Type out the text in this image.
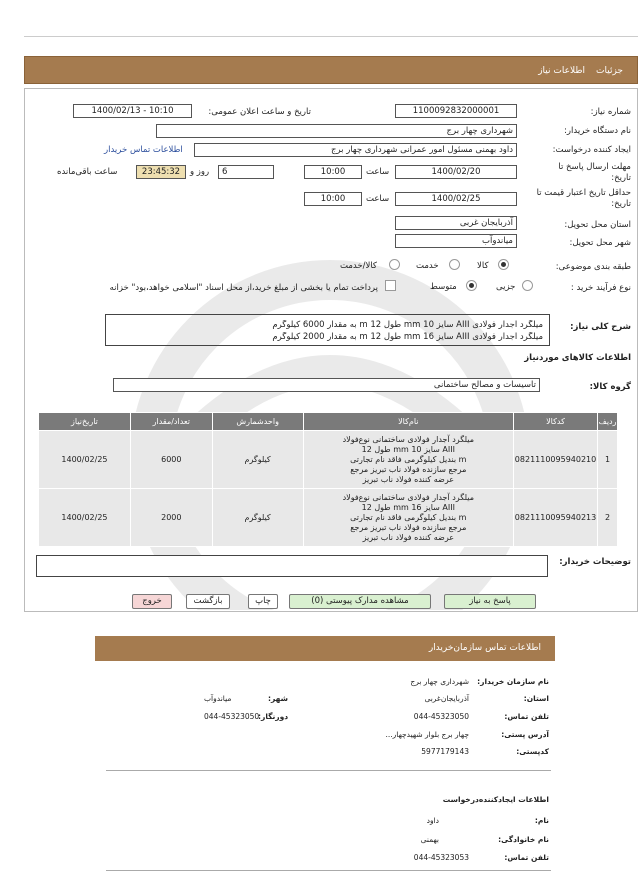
جزئیات
اطلاعات نیاز
شماره نیاز:
1100092832000001
تاریخ و ساعت اعلان عمومی:
1400/02/13 - 10:10
نام دستگاه خریدار:
شهرداری چهار برج
ایجاد کننده درخواست:
داود بهمنی مسئول امور عمرانی شهرداری چهار برج
اطلاعات تماس خریدار
مهلت ارسال پاسخ تا تاریخ:
1400/02/20
ساعت
10:00
6
روز و
23:45:32
ساعت باقی‌مانده
حداقل تاریخ اعتبار قیمت تا تاریخ:
1400/02/25
ساعت
10:00
استان محل تحویل:
آذربایجان غربی
شهر محل تحویل:
میاندوآب
طبقه بندی موضوعی:
کالا
خدمت
کالا/خدمت
نوع فرآیند خرید :
جزیی
متوسط
پرداخت تمام یا بخشی از مبلغ خرید،از محل اسناد "اسلامی خواهد،بود" خزانه
شرح کلی نیاز:
میلگرد آجدار فولادی AIII سایز 10 mm طول 12 m به مقدار 6000 کیلوگرم
میلگرد آجدار فولادی AIII سایز 16 mm طول 12 m به مقدار 2000 کیلوگرم
اطلاعات کالاهای موردنیاز
گروه کالا:
تاسیسات و مصالح ساختمانی
ردیف	کدکالا	نام‌کالا	واحدشمارش	تعداد/مقدار	تاریخ‌نیاز
1	0821110095940210	میلگرد آجدار فولادی ساختمانی نوع‌فولاد
AIII سایز 10 mm طول 12
m بندیل کیلوگرمی فاقد نام تجارتی
مرجع سازنده فولاد ناب تبریز مرجع
عرضه کننده فولاد ناب تبریز	کیلوگرم	6000	1400/02/25
2	0821110095940213	میلگرد آجدار فولادی ساختمانی نوع‌فولاد
AIII سایز 16 mm طول 12
m بندیل کیلوگرمی فاقد نام تجارتی
مرجع سازنده فولاد ناب تبریز مرجع
عرضه کننده فولاد ناب تبریز	کیلوگرم	2000	1400/02/25
توضیحات خریدار:
پاسخ به نیاز
مشاهده مدارک پیوستی (0)
چاپ
بازگشت
خروج
اطلاعات تماس سازمان‌خریدار
نام سازمان خریدار:
شهرداری چهار برج
استان:
آذربایجان‌غربی
شهر:
میاندوآب
تلفن تماس:
044-45323050
دورنگار:
044-45323050
آدرس پستی:
چهار برج بلوار شهید‌چهار...
کدپستی:
5977179143
اطلاعات ایجادکننده‌درخواست
نام:
داود
نام خانوادگی:
بهمنی
تلفن تماس:
044-45323053
